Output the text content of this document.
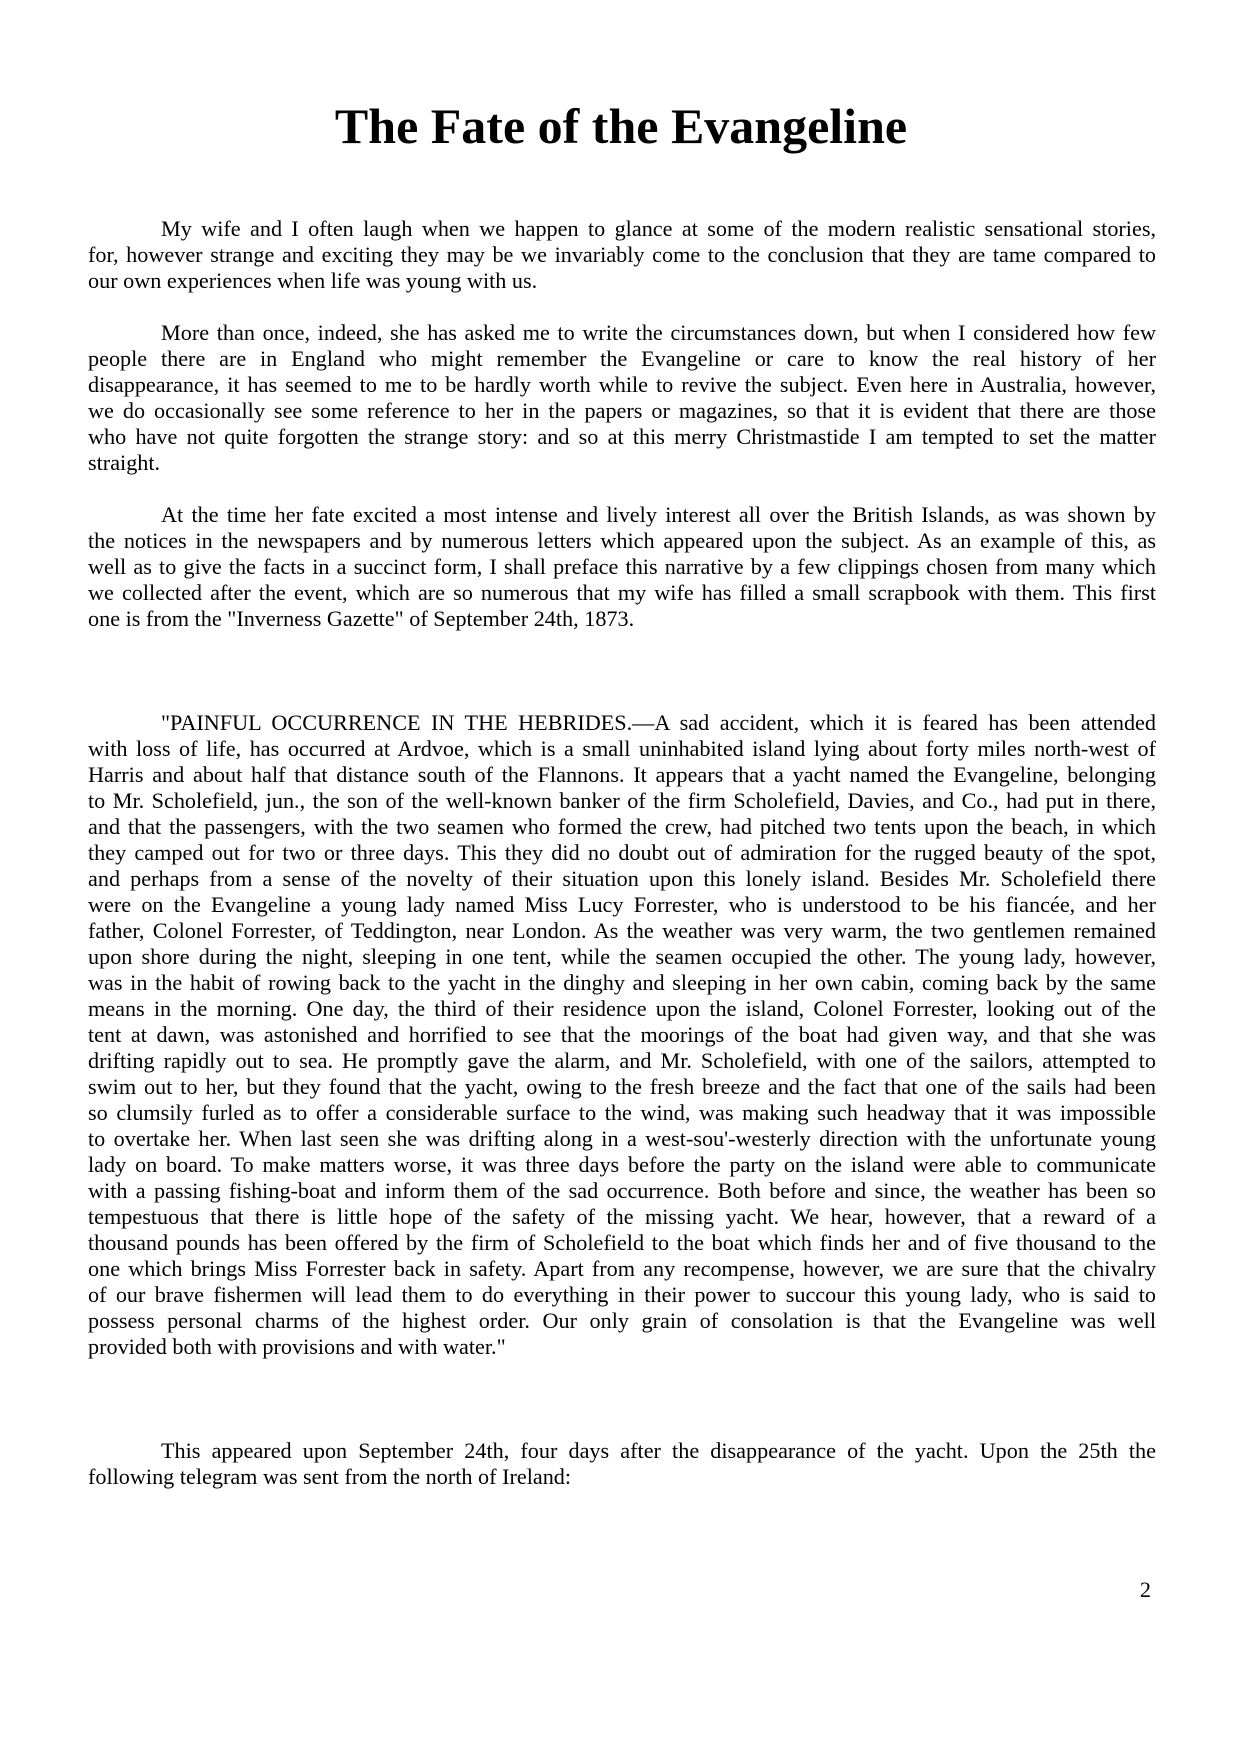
The Fate of the Evangeline
My wife and I often laugh when we happen to glance at some of the modern realistic sensational stories,
for, however strange and exciting they may be we invariably come to the conclusion that they are tame compared to
our own experiences when life was young with us.
More than once, indeed, she has asked me to write the circumstances down, but when I considered how few
people there are in England who might remember the Evangeline or care to know the real history of her
disappearance, it has seemed to me to be hardly worth while to revive the subject. Even here in Australia, however,
we do occasionally see some reference to her in the papers or magazines, so that it is evident that there are those
who have not quite forgotten the strange story: and so at this merry Christmastide I am tempted to set the matter
straight.
At the time her fate excited a most intense and lively interest all over the British Islands, as was shown by
the notices in the newspapers and by numerous letters which appeared upon the subject. As an example of this, as
well as to give the facts in a succinct form, I shall preface this narrative by a few clippings chosen from many which
we collected after the event, which are so numerous that my wife has filled a small scrapbook with them. This first
one is from the "Inverness Gazette" of September 24th, 1873.
"PAINFUL OCCURRENCE IN THE HEBRIDES.—A sad accident, which it is feared has been attended
with loss of life, has occurred at Ardvoe, which is a small uninhabited island lying about forty miles north-west of
Harris and about half that distance south of the Flannons. It appears that a yacht named the Evangeline, belonging
to Mr. Scholefield, jun., the son of the well-known banker of the firm Scholefield, Davies, and Co., had put in there,
and that the passengers, with the two seamen who formed the crew, had pitched two tents upon the beach, in which
they camped out for two or three days. This they did no doubt out of admiration for the rugged beauty of the spot,
and perhaps from a sense of the novelty of their situation upon this lonely island. Besides Mr. Scholefield there
were on the Evangeline a young lady named Miss Lucy Forrester, who is understood to be his fiancée, and her
father, Colonel Forrester, of Teddington, near London. As the weather was very warm, the two gentlemen remained
upon shore during the night, sleeping in one tent, while the seamen occupied the other. The young lady, however,
was in the habit of rowing back to the yacht in the dinghy and sleeping in her own cabin, coming back by the same
means in the morning. One day, the third of their residence upon the island, Colonel Forrester, looking out of the
tent at dawn, was astonished and horrified to see that the moorings of the boat had given way, and that she was
drifting rapidly out to sea. He promptly gave the alarm, and Mr. Scholefield, with one of the sailors, attempted to
swim out to her, but they found that the yacht, owing to the fresh breeze and the fact that one of the sails had been
so clumsily furled as to offer a considerable surface to the wind, was making such headway that it was impossible
to overtake her. When last seen she was drifting along in a west-sou'-westerly direction with the unfortunate young
lady on board. To make matters worse, it was three days before the party on the island were able to communicate
with a passing fishing-boat and inform them of the sad occurrence. Both before and since, the weather has been so
tempestuous that there is little hope of the safety of the missing yacht. We hear, however, that a reward of a
thousand pounds has been offered by the firm of Scholefield to the boat which finds her and of five thousand to the
one which brings Miss Forrester back in safety. Apart from any recompense, however, we are sure that the chivalry
of our brave fishermen will lead them to do everything in their power to succour this young lady, who is said to
possess personal charms of the highest order. Our only grain of consolation is that the Evangeline was well
provided both with provisions and with water."
This appeared upon September 24th, four days after the disappearance of the yacht. Upon the 25th the
following telegram was sent from the north of Ireland:
2
